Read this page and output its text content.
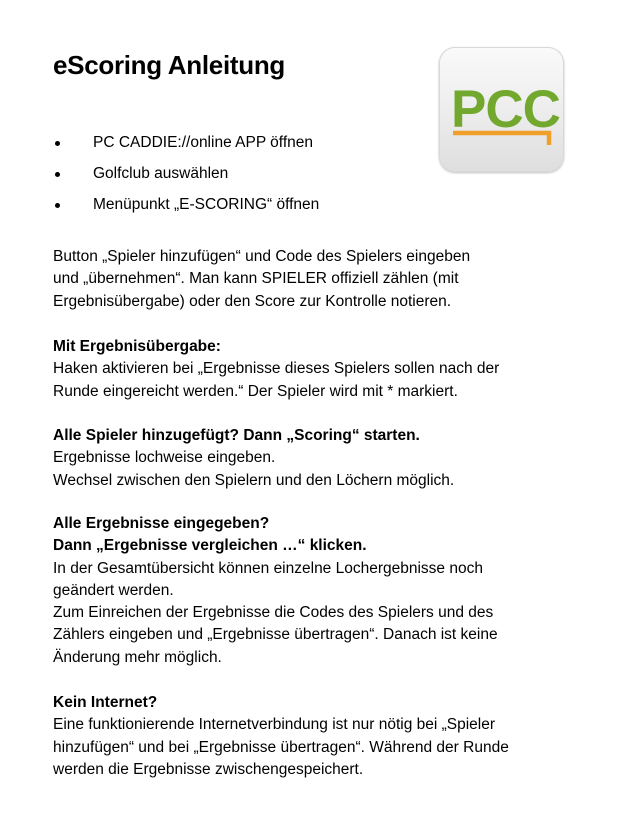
eScoring Anleitung
PCC
PC CADDIE://online APP öffnen
Golfclub auswählen
Menüpunkt „E-SCORING“ öffnen

Button „Spieler hinzufügen“ und Code des Spielers eingeben

und „übernehmen“. Man kann SPIELER offiziell zählen (mit

Ergebnisübergabe) oder den Score zur Kontrolle notieren.

Mit Ergebnisübergabe:

Haken aktivieren bei „Ergebnisse dieses Spielers sollen nach der

Runde eingereicht werden.“ Der Spieler wird mit * markiert.

Alle Spieler hinzugefügt? Dann „Scoring“ starten.

Ergebnisse lochweise eingeben.

Wechsel zwischen den Spielern und den Löchern möglich.

Alle Ergebnisse eingegeben?

Dann „Ergebnisse vergleichen …“ klicken.

In der Gesamtübersicht können einzelne Lochergebnisse noch

geändert werden.

Zum Einreichen der Ergebnisse die Codes des Spielers und des

Zählers eingeben und „Ergebnisse übertragen“. Danach ist keine

Änderung mehr möglich.

Kein Internet?

Eine funktionierende Internetverbindung ist nur nötig bei „Spieler

hinzufügen“ und bei „Ergebnisse übertragen“. Während der Runde

werden die Ergebnisse zwischengespeichert.
